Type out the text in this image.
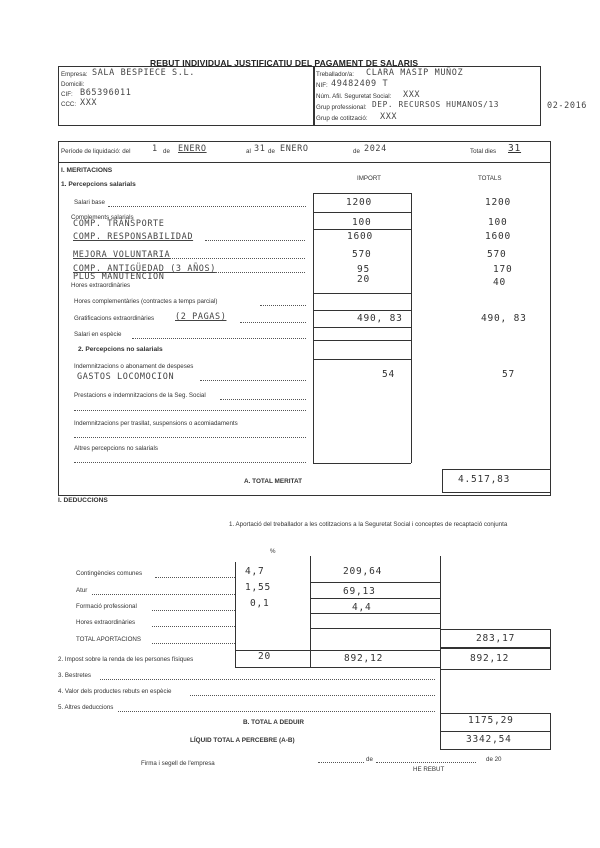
REBUT INDIVIDUAL JUSTIFICATIU DEL PAGAMENT DE SALARIS
Empresa: SALA BESPIECE S.L.
Domicili:
CIF: B65396011
CCC: XXX
Treballador/a: CLARA MASIP MUÑOZ
NIF: 49482409 T
Núm. Afil. Seguretat Social: XXX
Grup professional: DEP. RECURSOS HUMANOS/13	02-2016
Grup de cotització: XXX
Període de liquidació: del	1 de ENERO	al 31 de ENERO	de 2024	Total dies 31
I. MERITACIONS
1. Percepcions salarials
IMPORT	TOTALS
Salari base	1200	1200
Complements salarials
COMP. TRANSPORTE	100	100
COMP. RESPONSABILIDAD	1600	1600
MEJORA VOLUNTARIA	570	570
COMP. ANTIGÜEDAD (3 AÑOS)	95	170
PLUS MANUTENCION	20	40
Hores extraordinàries
Hores complementàries (contractes a temps parcial)
Gratificacions extraordinàries (2 PAGAS)	490, 83	490, 83
Salari en espècie
2. Percepcions no salarials
Indemnitzacions o abonament de despeses
GASTOS LOCOMOCION	54	57
Prestacions e indemnitzacions de la Seg. Social
Indemnitzacions per trasllat, suspensions o acomiadaments
Altres percepcions no salarials
A. TOTAL MERITAT	4.517,83
I. DEDUCCIONS
1. Aportació del treballador a les cotitzacions a la Seguretat Social i conceptes de recaptació conjunta
%
Contingències comunes	4,7	209,64
Atur	1,55	69,13
Formació professional	0,1	4,4
Hores extraordinàries
TOTAL APORTACIONS	283,17
2. Impost sobre la renda de les persones físiques	20	892,12	892,12
3. Bestretes
4. Valor dels productes rebuts en espècie
5. Altres deduccions
B. TOTAL A DEDUIR	1175,29
LÍQUID TOTAL A PERCEBRE (A-B)	3342,54
Firma i segell de l'empresa
de	de 20
HE REBUT
